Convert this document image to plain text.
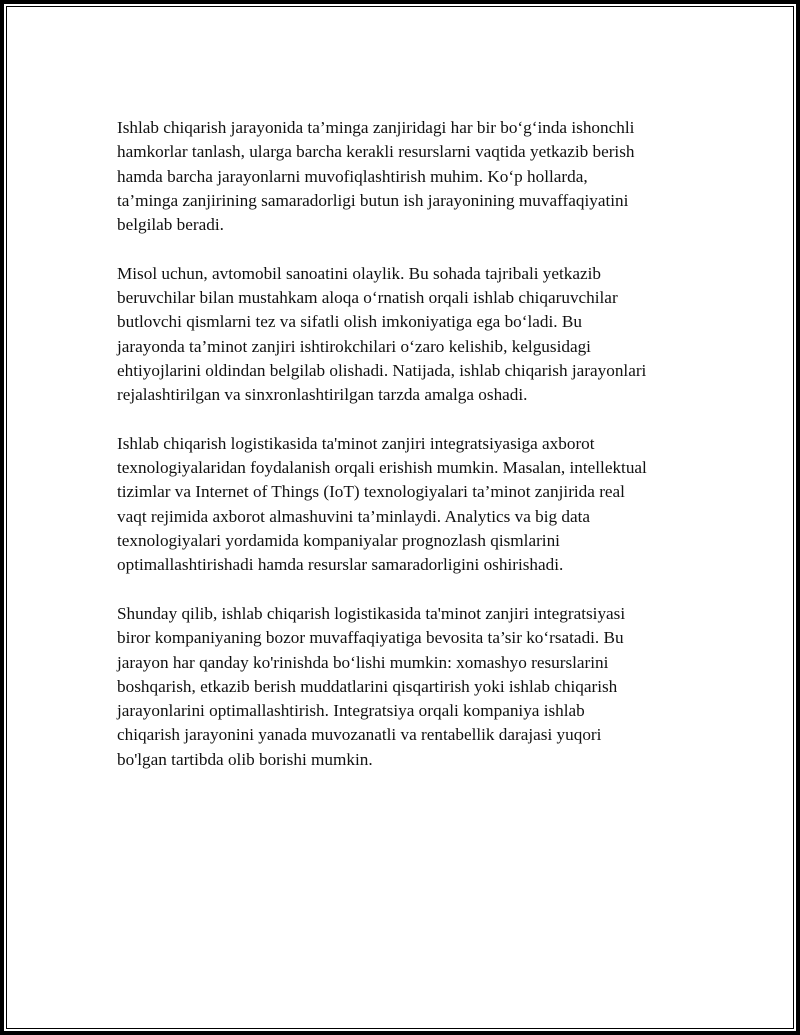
Ishlab chiqarish jarayonida ta’minga zanjiridagi har bir bo‘g‘inda ishonchli
hamkorlar tanlash, ularga barcha kerakli resurslarni vaqtida yetkazib berish
hamda barcha jarayonlarni muvofiqlashtirish muhim. Ko‘p hollarda,
ta’minga zanjirining samaradorligi butun ish jarayonining muvaffaqiyatini
belgilab beradi.

Misol uchun, avtomobil sanoatini olaylik. Bu sohada tajribali yetkazib
beruvchilar bilan mustahkam aloqa o‘rnatish orqali ishlab chiqaruvchilar
butlovchi qismlarni tez va sifatli olish imkoniyatiga ega bo‘ladi. Bu
jarayonda ta’minot zanjiri ishtirokchilari o‘zaro kelishib, kelgusidagi
ehtiyojlarini oldindan belgilab olishadi. Natijada, ishlab chiqarish jarayonlari
rejalashtirilgan va sinxronlashtirilgan tarzda amalga oshadi.

Ishlab chiqarish logistikasida ta'minot zanjiri integratsiyasiga axborot
texnologiyalaridan foydalanish orqali erishish mumkin. Masalan, intellektual
tizimlar va Internet of Things (IoT) texnologiyalari ta’minot zanjirida real
vaqt rejimida axborot almashuvini ta’minlaydi. Analytics va big data
texnologiyalari yordamida kompaniyalar prognozlash qismlarini
optimallashtirishadi hamda resurslar samaradorligini oshirishadi.

Shunday qilib, ishlab chiqarish logistikasida ta'minot zanjiri integratsiyasi
biror kompaniyaning bozor muvaffaqiyatiga bevosita ta’sir ko‘rsatadi. Bu
jarayon har qanday ko'rinishda bo‘lishi mumkin: xomashyo resurslarini
boshqarish, etkazib berish muddatlarini qisqartirish yoki ishlab chiqarish
jarayonlarini optimallashtirish. Integratsiya orqali kompaniya ishlab
chiqarish jarayonini yanada muvozanatli va rentabellik darajasi yuqori
bo'lgan tartibda olib borishi mumkin.
